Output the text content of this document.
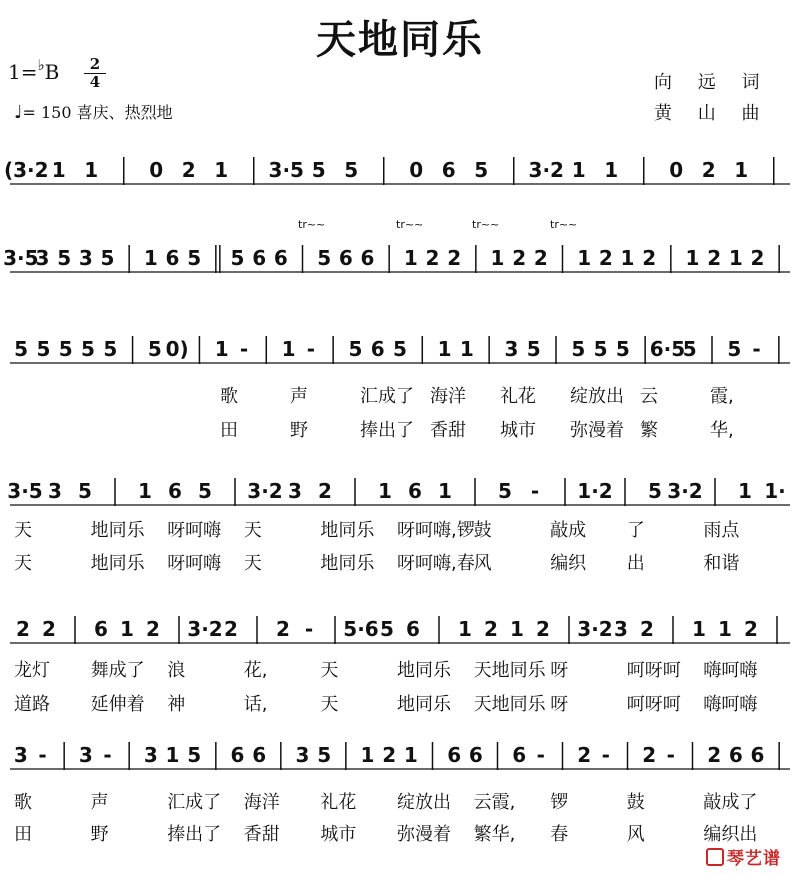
天地同乐
1=♭B	2
4
♩= 150 喜庆、热烈地
向 远 词
黄 山 曲
(3·2 1 1	0 2 1 3·5 5 5	0 6 5 3·2 1 1	0 2 1
tr~~	tr~~	tr~~	tr~~
3·5
3 5 3 5 1 6 5 5 6 6 5 6 6 1 2 2 1 2 2 1 2 1 2 1 2 1 2
5 5 5 5 5 5 0) 1 - 1 - 5 6 5 1 1 3 5 5 5 5 6·5
5 5 -
歌	声	汇成了 海洋 礼花 绽放出 云	霞,
田	野	捧出了 香甜 城市 弥漫着 繁	华,
3·5 3 5 1 6 5 3·2 3 2 1 6 1 5 - 1·2 5 3·2 1 1·
天	地同乐 呀呵嗨 天	地同乐 呀呵嗨,锣
鼓	敲成 了	雨点
天	地同乐 呀呵嗨 天	地同乐 呀呵嗨,春
风	编织 出	和谐
2 2 6 1 2 3·2 2 2 - 5·6 5 6 1 2 1 2 3·2 3 2 1 1 2
龙灯 舞成了 浪	花,	天	地同乐 天地同乐 呀	呵呀呵 嗨呵嗨
道路 延伸着 神	话,	天	地同乐 天地同乐 呀	呵呀呵 嗨呵嗨
3 - 3 - 3 1 5 6 6 3 5 1 2 1 6 6 6 - 2 - 2 - 2 6 6
歌	声	汇成了 海洋 礼花 绽放出 云霞, 锣	鼓	敲成了
田	野	捧出了 香甜 城市 弥漫着 繁华, 春	风	编织出
琴艺谱
